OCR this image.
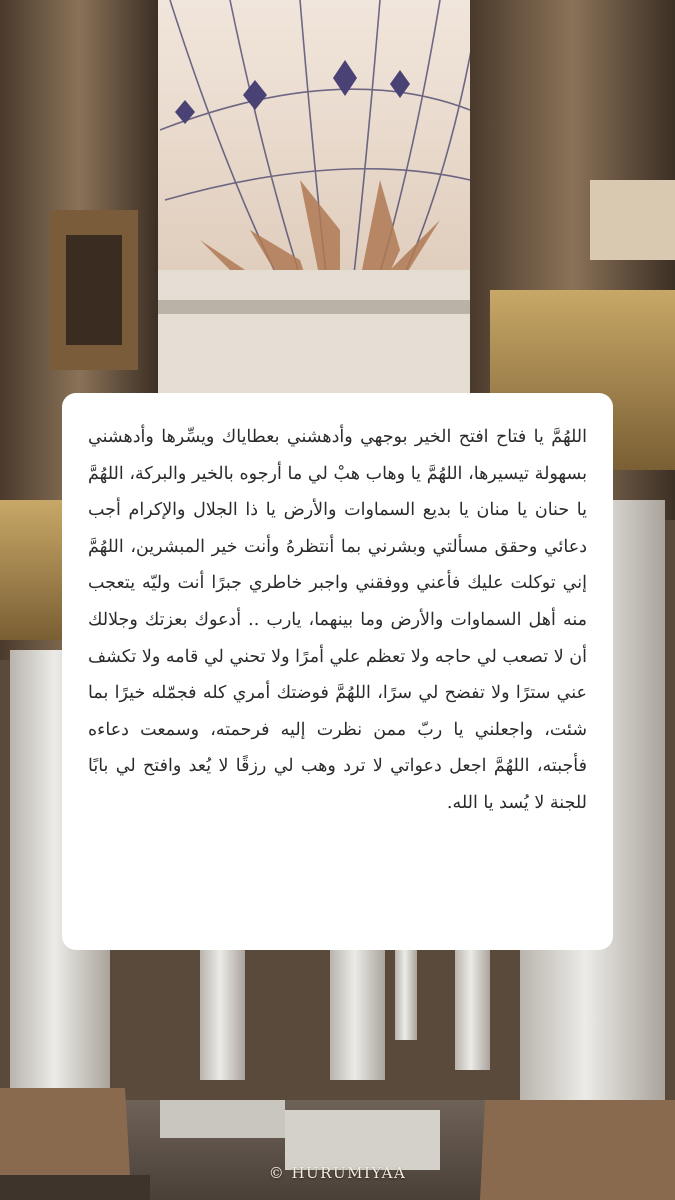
اللهُمَّ يا فتاح افتح الخير بوجهي وأدهشني بعطاياك ويسِّرها وأدهشني بسهولة تيسيرها، اللهُمَّ يا وهاب هبْ لي ما أرجوه بالخير والبركة، اللهُمَّ يا حنان يا منان يا بديع السماوات والأرض يا ذا الجلال والإكرام أجب دعائي وحقق مسألتي وبشرني بما أنتظرهُ وأنت خير المبشرين، اللهُمَّ إني توكلت عليك فأعني ووفقني واجبر خاطري جبرًا أنت وليّه يتعجب منه أهل السماوات والأرض وما بينهما، يارب .. أدعوك بعزتك وجلالك أن لا تصعب لي حاجه ولا تعظم علي أمرًا ولا تحني لي قامه ولا تكشف عني سترًا ولا تفضح لي سرًا، اللهُمَّ فوضتك أمري كله فجمّله خيرًا بما شئت، واجعلني يا ربّ ممن نظرت إليه فرحمته، وسمعت دعاءه فأجبته، اللهُمَّ اجعل دعواتي لا ترد وهب لي رزقًا لا يُعد وافتح لي بابًا للجنة لا يُسد يا الله.

© HURUMIYAA
